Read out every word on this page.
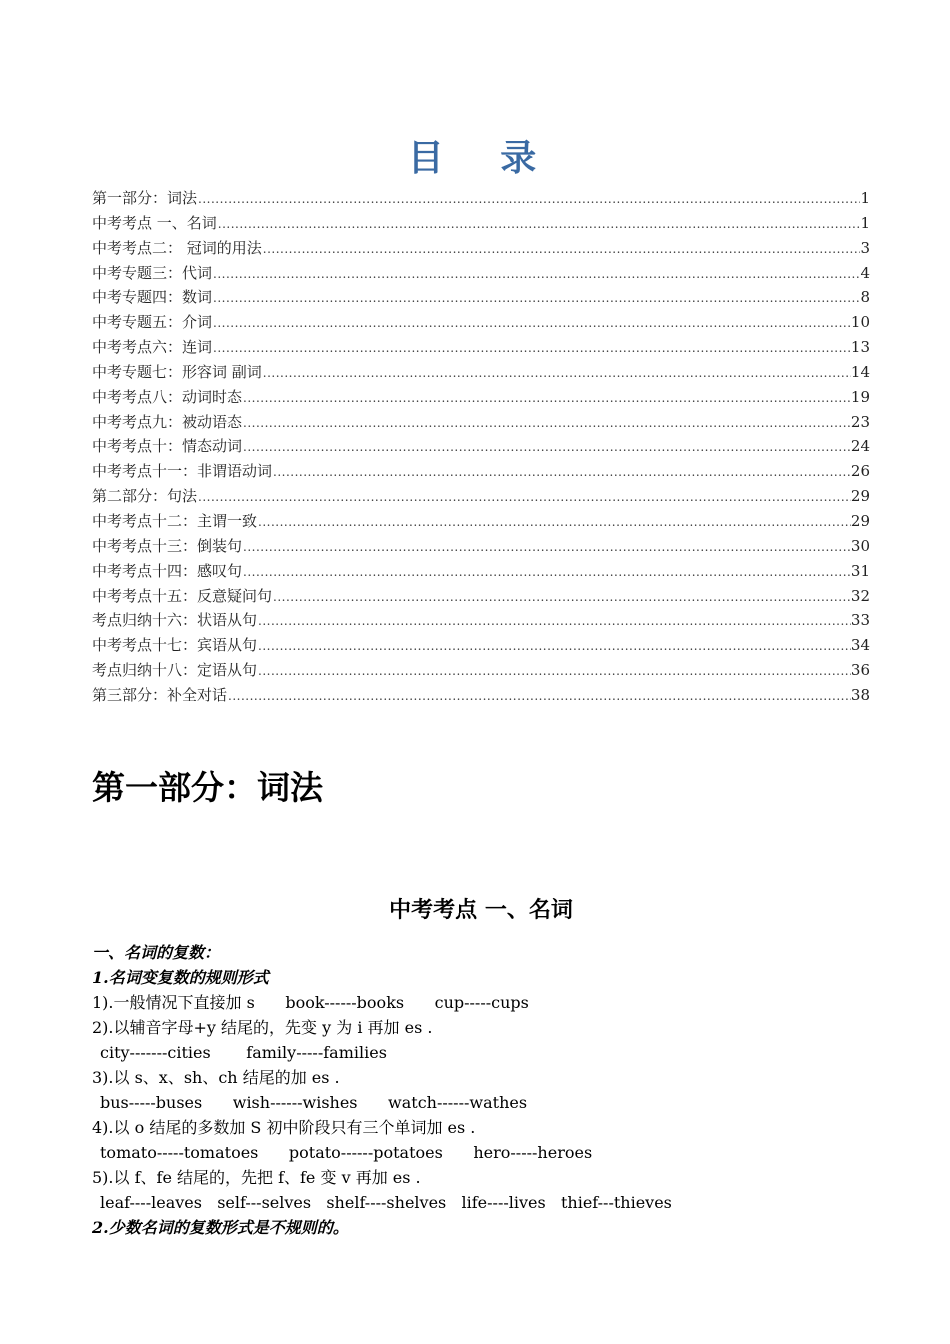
目 录
第一部分：词法 .....	1
中考考点 一、名词 .....	1
中考考点二： 冠词的用法 .....	3
中考专题三：代词 .....	4
中考专题四：数词 .....	8
中考专题五：介词 .....	10
中考考点六：连词 .....	13
中考专题七：形容词 副词 .....	14
中考考点八：动词时态 .....	19
中考考点九：被动语态 .....	23
中考考点十：情态动词 .....	24
中考考点十一：非谓语动词 .....	26
第二部分：句法 .....	29
中考考点十二：主谓一致 .....	29
中考考点十三：倒装句 .....	30
中考考点十四：感叹句 .....	31
中考考点十五：反意疑问句 .....	32
考点归纳十六：状语从句 .....	33
中考考点十七：宾语从句 .....	34
考点归纳十八：定语从句 .....	36
第三部分：补全对话 .....	38
第一部分：词法
中考考点 一、名词
一、名词的复数：
1.名词变复数的规则形式
1).一般情况下直接加 s      book------books      cup-----cups
2).以辅音字母+y 结尾的，先变 y 为 i 再加 es .
city-------cities       family-----families
3).以 s、x、sh、ch 结尾的加 es .
bus-----buses      wish------wishes      watch------wathes
4).以 o 结尾的多数加 S 初中阶段只有三个单词加 es .
tomato-----tomatoes      potato------potatoes      hero-----heroes
5).以 f、fe 结尾的，先把 f、fe 变 v 再加 es .
leaf----leaves   self---selves   shelf----shelves   life----lives   thief---thieves
2.少数名词的复数形式是不规则的。
